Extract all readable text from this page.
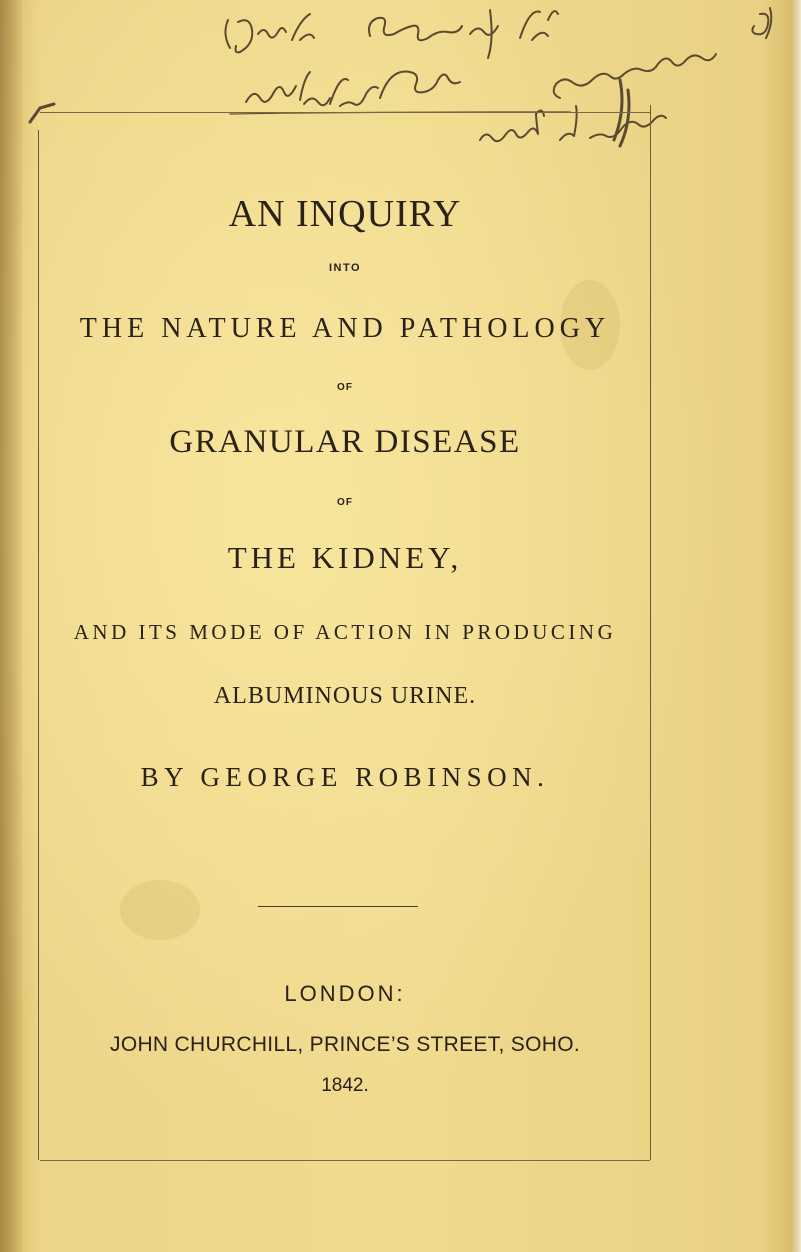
AN INQUIRY

INTO

THE NATURE AND PATHOLOGY

OF

GRANULAR DISEASE

OF

THE KIDNEY,

AND ITS MODE OF ACTION IN PRODUCING

ALBUMINOUS URINE.

BY GEORGE ROBINSON.

LONDON:

JOHN CHURCHILL, PRINCE’S STREET, SOHO.

1842.
